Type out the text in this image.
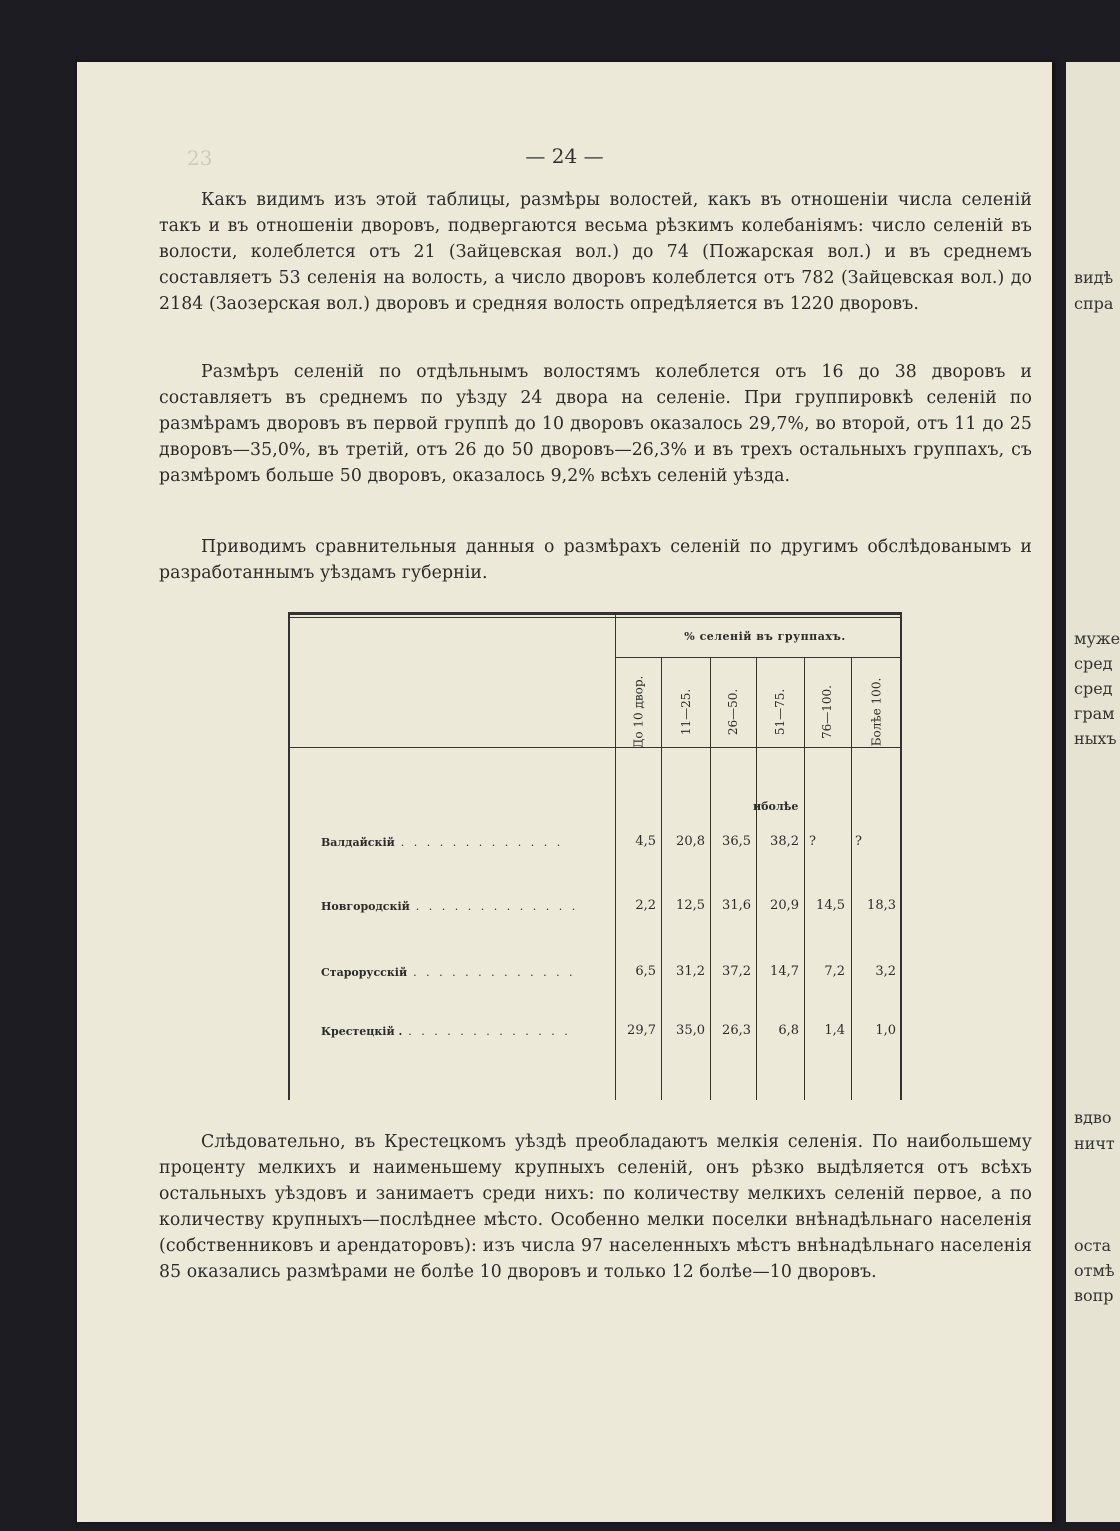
23	— 24 —

Какъ видимъ изъ этой таблицы, размѣры волостей, какъ въ отношенiи числа селенiй такъ и въ отношенiи дворовъ, подвергаются весьма рѣзкимъ колебанiямъ: число селенiй въ волости, колеблется отъ 21 (Зайцевская вол.) до 74 (Пожарская вол.) и въ среднемъ составляетъ 53 селенiя на волость, а число дворовъ колеблется отъ 782 (Зайцевская вол.) до 2184 (Заозерская вол.) дворовъ и средняя волость опредѣляется въ 1220 дворовъ.

Размѣръ селенiй по отдѣльнымъ волостямъ колеблется отъ 16 до 38 дворовъ и составляетъ въ среднемъ по уѣзду 24 двора на селенiе. При группировкѣ селенiй по размѣрамъ дворовъ въ первой группѣ до 10 дворовъ оказалось 29,7%, во второй, отъ 11 до 25 дворовъ—35,0%, въ третiй, отъ 26 до 50 дворовъ—26,3% и въ трехъ остальныхъ группахъ, съ размѣромъ больше 50 дворовъ, оказалось 9,2% всѣхъ селенiй уѣзда.

Приводимъ сравнительныя данныя о размѣрахъ селенiй по другимъ обслѣдованымъ и разработаннымъ уѣздамъ губернiи.

% селенiй въ группахъ.
До 10 двор.	11—25.	26—50.	51—75.	76—100.	Болѣе 100.
иболѣе
Валдайскiй . . . . . . . . . . . . .	4,5	20,8	36,5	38,2 ?	?
Новгородскiй . . . . . . . . . . . . .	2,2	12,5	31,6	20,9	14,5	18,3
Старорусскiй . . . . . . . . . . . . .	6,5	31,2	37,2	14,7	7,2	3,2
Крестецкiй . . . . . . . . . . . . . .	29,7	35,0	26,3	6,8	1,4	1,0

Слѣдовательно, въ Крестецкомъ уѣздѣ преобладаютъ мелкiя селенiя. По наибольшему проценту мелкихъ и наименьшему крупныхъ селенiй, онъ рѣзко выдѣляется отъ всѣхъ остальныхъ уѣздовъ и занимаетъ среди нихъ: по количеству мелкихъ селенiй первое, а по количеству крупныхъ—послѣднее мѣсто. Особенно мелки поселки внѣнадѣльнаго населенiя (собственниковъ и арендаторовъ): изъ числа 97 населенныхъ мѣстъ внѣнадѣльнаго населенiя 85 оказались размѣрами не болѣе 10 дворовъ и только 12 болѣе—10 дворовъ.

видѣ
спра
муже
сред
сред
грам
ныхъ
вдво
ничт
оста
отмѣ
вопр
